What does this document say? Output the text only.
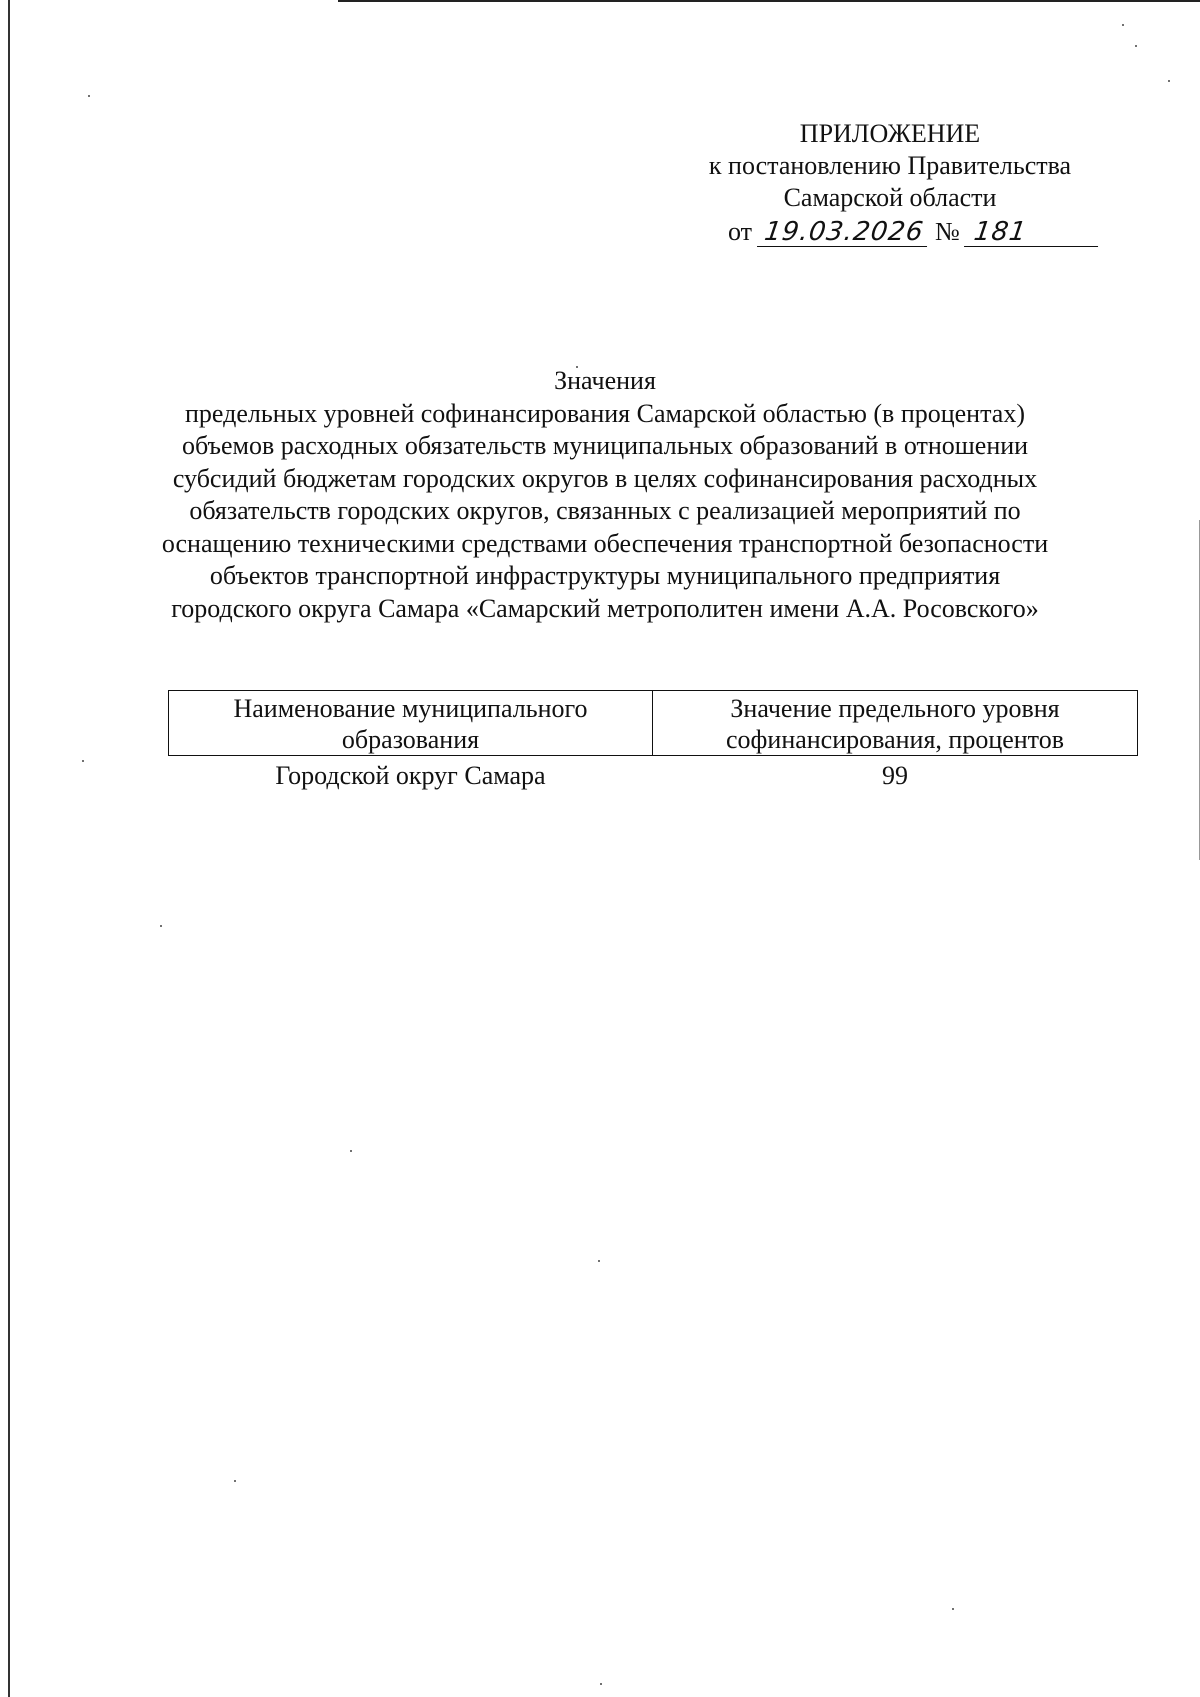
ПРИЛОЖЕНИЕ
к постановлению Правительства
Самарской области
от 19.03.2026 № 181
Значения
предельных уровней софинансирования Самарской областью (в процентах) объемов расходных обязательств муниципальных образований в отношении субсидий бюджетам городских округов в целях софинансирования расходных обязательств городских округов, связанных с реализацией мероприятий по оснащению техническими средствами обеспечения транспортной безопасности объектов транспортной инфраструктуры муниципального предприятия городского округа Самара «Самарский метрополитен имени А.А. Росовского»
Наименование муниципального образования	Значение предельного уровня софинансирования, процентов
Городской округ Самара	99
